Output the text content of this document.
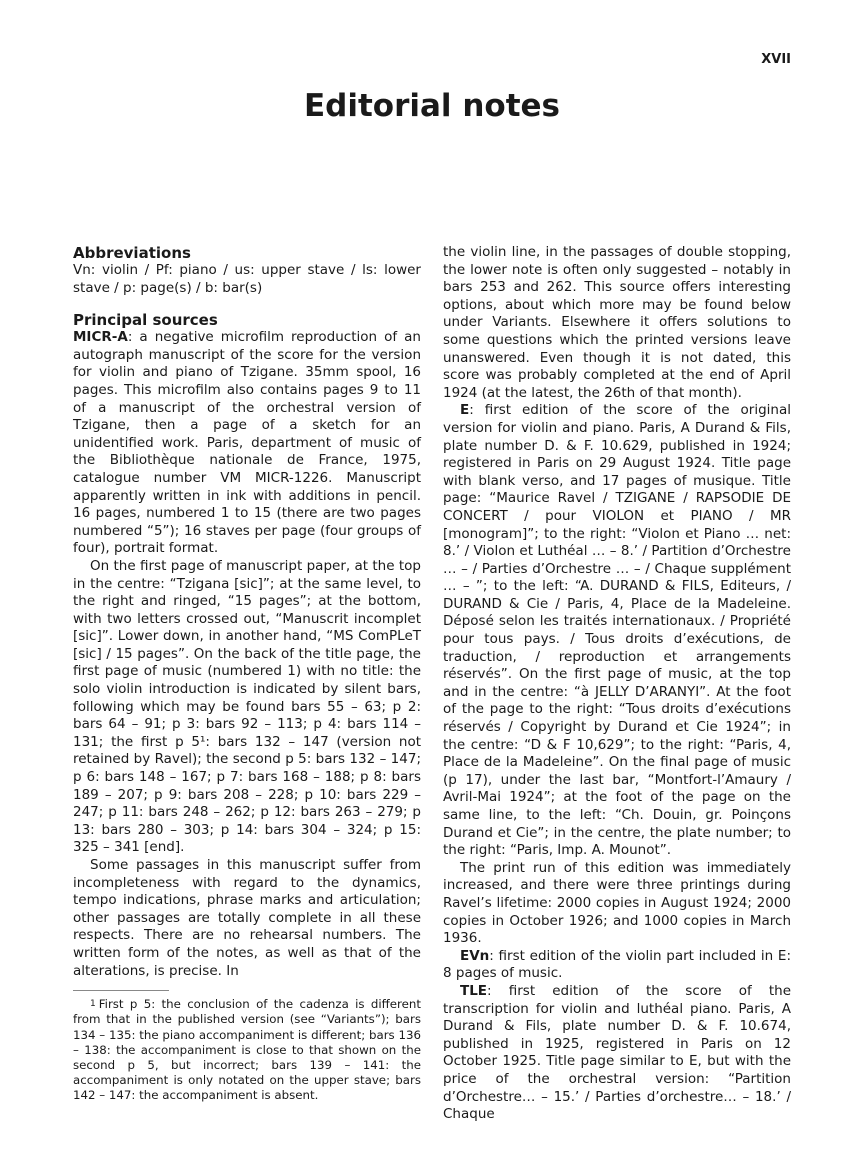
XVII
Editorial notes
Abbreviations

Vn: violin / Pf: piano / us: upper stave / ls: lower stave / p: page(s) / b: bar(s)

Principal sources

MICR-A: a negative microfilm reproduction of an autograph manuscript of the score for the version for violin and piano of Tzigane. 35mm spool, 16 pages. This microfilm also contains pages 9 to 11 of a manuscript of the orchestral version of Tzigane, then a page of a sketch for an unidentified work. Paris, department of music of the Bibliothèque nationale de France, 1975, catalogue number VM MICR-1226. Manuscript apparently written in ink with additions in pencil. 16 pages, numbered 1 to 15 (there are two pages numbered “5”); 16 staves per page (four groups of four), portrait format.

On the first page of manuscript paper, at the top in the centre: “Tzigana [sic]”; at the same level, to the right and ringed, “15 pages”; at the bottom, with two letters crossed out, “Manuscrit incomplet [sic]”. Lower down, in another hand, “MS ComPLeT [sic] / 15 pages”. On the back of the title page, the first page of music (numbered 1) with no title: the solo violin introduction is indicated by silent bars, following which may be found bars 55 – 63; p 2: bars 64 – 91; p 3: bars 92 – 113; p 4: bars 114 – 131; the first p 5¹: bars 132 – 147 (version not retained by Ravel); the second p 5: bars 132 – 147; p 6: bars 148 – 167; p 7: bars 168 – 188; p 8: bars 189 – 207; p 9: bars 208 – 228; p 10: bars 229 – 247; p 11: bars 248 – 262; p 12: bars 263 – 279; p 13: bars 280 – 303; p 14: bars 304 – 324; p 15: 325 – 341 [end].

Some passages in this manuscript suffer from incompleteness with regard to the dynamics, tempo indications, phrase marks and articulation; other passages are totally complete in all these respects. There are no rehearsal numbers. The written form of the notes, as well as that of the alterations, is precise. In

1 First p 5: the conclusion of the cadenza is different from that in the published version (see “Variants”); bars 134 – 135: the piano accompaniment is different; bars 136 – 138: the accompaniment is close to that shown on the second p 5, but incorrect; bars 139 – 141: the accompaniment is only notated on the upper stave; bars 142 – 147: the accompaniment is absent.

the violin line, in the passages of double stopping, the lower note is often only suggested – notably in bars 253 and 262. This source offers interesting options, about which more may be found below under Variants. Elsewhere it offers solutions to some questions which the printed versions leave unanswered. Even though it is not dated, this score was probably completed at the end of April 1924 (at the latest, the 26th of that month).

E: first edition of the score of the original version for violin and piano. Paris, A Durand & Fils, plate number D. & F. 10.629, published in 1924; registered in Paris on 29 August 1924. Title page with blank verso, and 17 pages of musique. Title page: “Maurice Ravel / TZIGANE / RAPSODIE DE CONCERT / pour VIOLON et PIANO / MR [monogram]”; to the right: “Violon et Piano … net: 8.’ / Violon et Luthéal … – 8.’ / Partition d’Orchestre … – / Parties d’Orchestre … – / Chaque supplément … – ”; to the left: “A. DURAND & FILS, Editeurs, / DURAND & Cie / Paris, 4, Place de la Madeleine. Déposé selon les traités internationaux. / Propriété pour tous pays. / Tous droits d’exécutions, de traduction, / reproduction et arrangements réservés”. On the first page of music, at the top and in the centre: “à JELLY D’ARANYI”. At the foot of the page to the right: “Tous droits d’exécutions réservés / Copyright by Durand et Cie 1924”; in the centre: “D & F 10,629”; to the right: “Paris, 4, Place de la Madeleine”. On the final page of music (p 17), under the last bar, “Montfort-l’Amaury / Avril-Mai 1924”; at the foot of the page on the same line, to the left: “Ch. Douin, gr. Poinçons Durand et Cie”; in the centre, the plate number; to the right: “Paris, Imp. A. Mounot”.

The print run of this edition was immediately increased, and there were three printings during Ravel’s lifetime: 2000 copies in August 1924; 2000 copies in October 1926; and 1000 copies in March 1936.

EVn: first edition of the violin part included in E: 8 pages of music.

TLE: first edition of the score of the transcription for violin and luthéal piano. Paris, A Durand & Fils, plate number D. & F. 10.674, published in 1925, registered in Paris on 12 October 1925. Title page similar to E, but with the price of the orchestral version: “Partition d’Orchestre… – 15.’ / Parties d’orchestre… – 18.’ / Chaque
